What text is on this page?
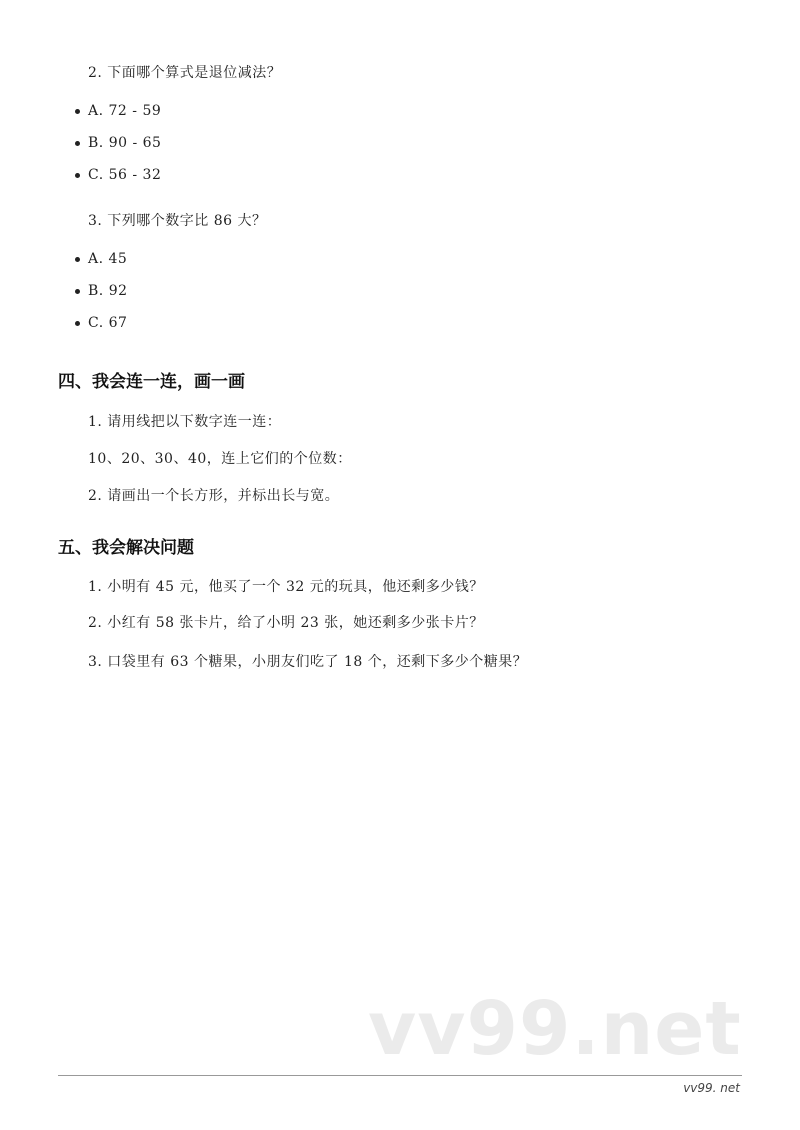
2. 下面哪个算式是退位减法？
A. 72 - 59
B. 90 - 65
C. 56 - 32
3. 下列哪个数字比 86 大？
A. 45
B. 92
C. 67
四、我会连一连，画一画
1. 请用线把以下数字连一连：
10、20、30、40，连上它们的个位数：
2. 请画出一个长方形，并标出长与宽。
五、我会解决问题
1. 小明有 45 元，他买了一个 32 元的玩具，他还剩多少钱？
2. 小红有 58 张卡片，给了小明 23 张，她还剩多少张卡片？
3. 口袋里有 63 个糖果，小朋友们吃了 18 个，还剩下多少个糖果？
vv99.net
vv99. net
